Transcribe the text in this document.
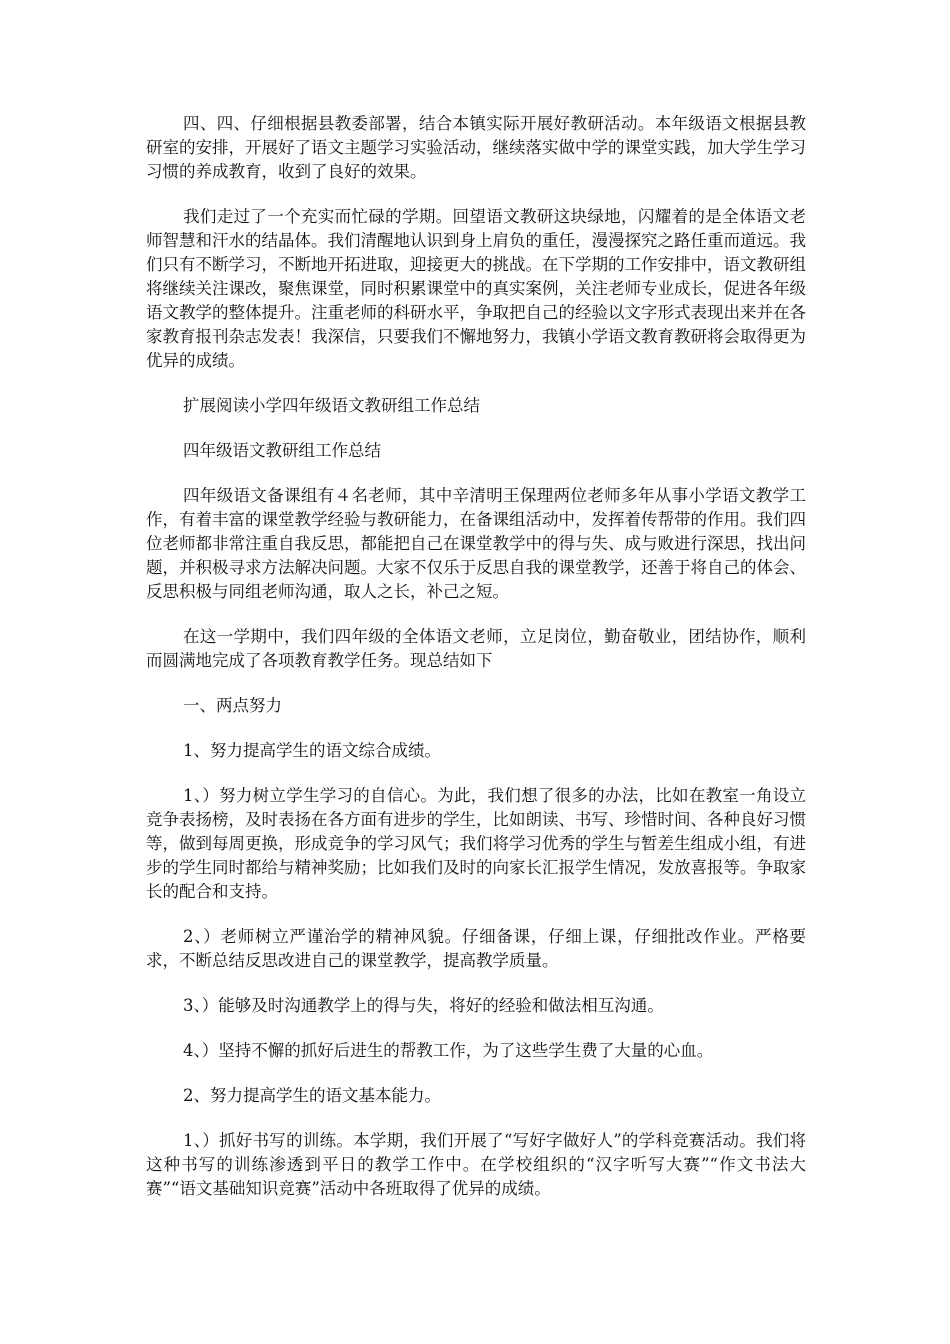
四、四、仔细根据县教委部署，结合本镇实际开展好教研活动。本年级语文根据县教研室的安排，开展好了语文主题学习实验活动，继续落实做中学的课堂实践，加大学生学习习惯的养成教育，收到了良好的效果。

我们走过了一个充实而忙碌的学期。回望语文教研这块绿地，闪耀着的是全体语文老师智慧和汗水的结晶体。我们清醒地认识到身上肩负的重任，漫漫探究之路任重而道远。我们只有不断学习，不断地开拓进取，迎接更大的挑战。在下学期的工作安排中，语文教研组将继续关注课改，聚焦课堂，同时积累课堂中的真实案例，关注老师专业成长，促进各年级语文教学的整体提升。注重老师的科研水平，争取把自己的经验以文字形式表现出来并在各家教育报刊杂志发表！我深信，只要我们不懈地努力，我镇小学语文教育教研将会取得更为优异的成绩。

扩展阅读小学四年级语文教研组工作总结

四年级语文教研组工作总结

四年级语文备课组有４名老师，其中辛清明王保理两位老师多年从事小学语文教学工作，有着丰富的课堂教学经验与教研能力，在备课组活动中，发挥着传帮带的作用。我们四位老师都非常注重自我反思，都能把自己在课堂教学中的得与失、成与败进行深思，找出问题，并积极寻求方法解决问题。大家不仅乐于反思自我的课堂教学，还善于将自己的体会、反思积极与同组老师沟通，取人之长，补己之短。

在这一学期中，我们四年级的全体语文老师，立足岗位，勤奋敬业，团结协作，顺利而圆满地完成了各项教育教学任务。现总结如下

一、两点努力

1、努力提高学生的语文综合成绩。

1、）努力树立学生学习的自信心。为此，我们想了很多的办法，比如在教室一角设立竞争表扬榜，及时表扬在各方面有进步的学生，比如朗读、书写、珍惜时间、各种良好习惯等，做到每周更换，形成竞争的学习风气；我们将学习优秀的学生与暂差生组成小组，有进步的学生同时都给与精神奖励；比如我们及时的向家长汇报学生情况，发放喜报等。争取家长的配合和支持。

2、）老师树立严谨治学的精神风貌。仔细备课，仔细上课，仔细批改作业。严格要求，不断总结反思改进自己的课堂教学，提高教学质量。

3、）能够及时沟通教学上的得与失，将好的经验和做法相互沟通。

4、）坚持不懈的抓好后进生的帮教工作，为了这些学生费了大量的心血。

2、努力提高学生的语文基本能力。

1、）抓好书写的训练。本学期，我们开展了“写好字做好人”的学科竞赛活动。我们将这种书写的训练渗透到平日的教学工作中。在学校组织的“汉字听写大赛”“作文书法大赛”“语文基础知识竞赛”活动中各班取得了优异的成绩。
